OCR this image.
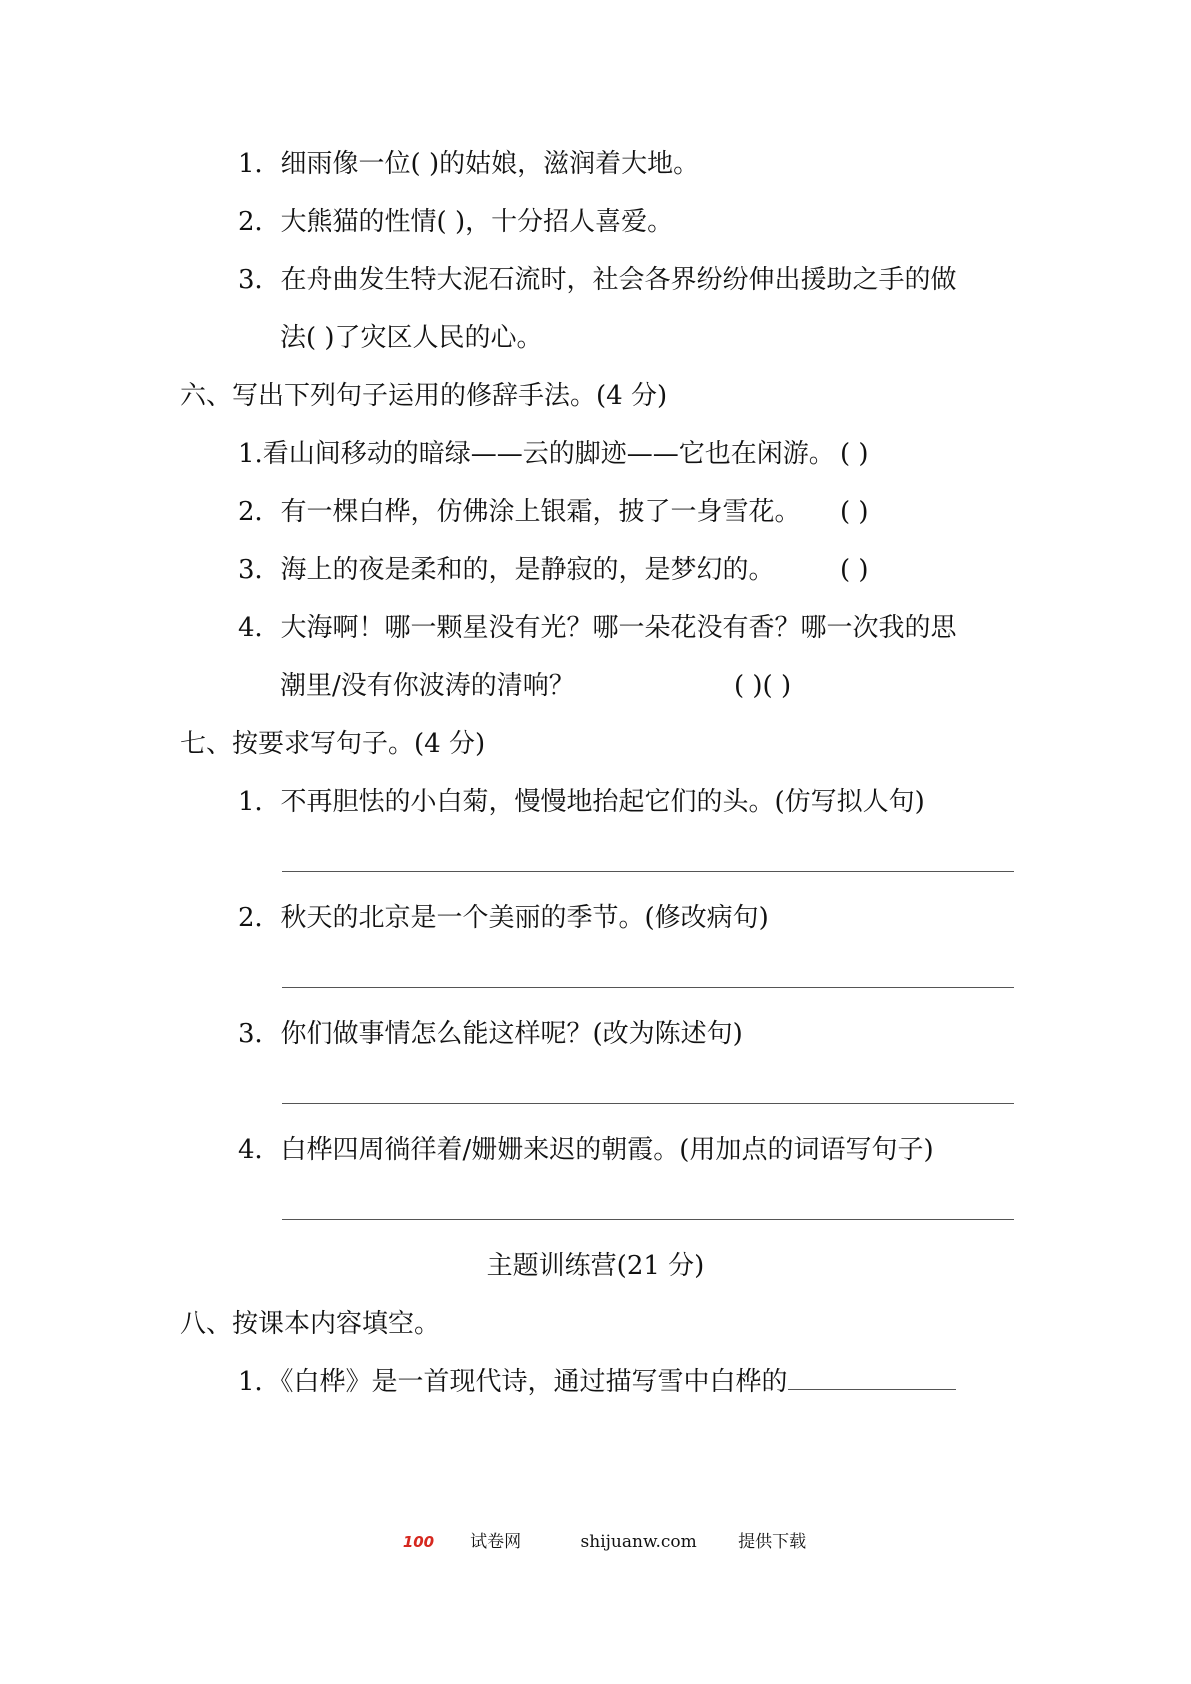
1．细雨像一位( )的姑娘，滋润着大地。
2．大熊猫的性情( )，十分招人喜爱。
3．在舟曲发生特大泥石流时，社会各界纷纷伸出援助之手的做
法( )了灾区人民的心。
六、写出下列句子运用的修辞手法。(4 分)
1.看山间移动的暗绿——云的脚迹——它也在闲游。 ( )
2．有一棵白桦，仿佛涂上银霜，披了一身雪花。 ( )
3．海上的夜是柔和的，是静寂的，是梦幻的。	( )
4．大海啊！哪一颗星没有光？哪一朵花没有香？哪一次我的思
潮里/没有你波涛的清响？	( )( )
七、按要求写句子。(4 分)
1．不再胆怯的小白菊，慢慢地抬起它们的头。(仿写拟人句)
2．秋天的北京是一个美丽的季节。(修改病句)
3．你们做事情怎么能这样呢？(改为陈述句)
4．白桦四周徜徉着/姗姗来迟的朝霞。(用加点的词语写句子)
主题训练营(21 分)
八、按课本内容填空。
1．《白桦》是一首现代诗，通过描写雪中白桦的
100 试卷网	shijuanw.com 提供下载
